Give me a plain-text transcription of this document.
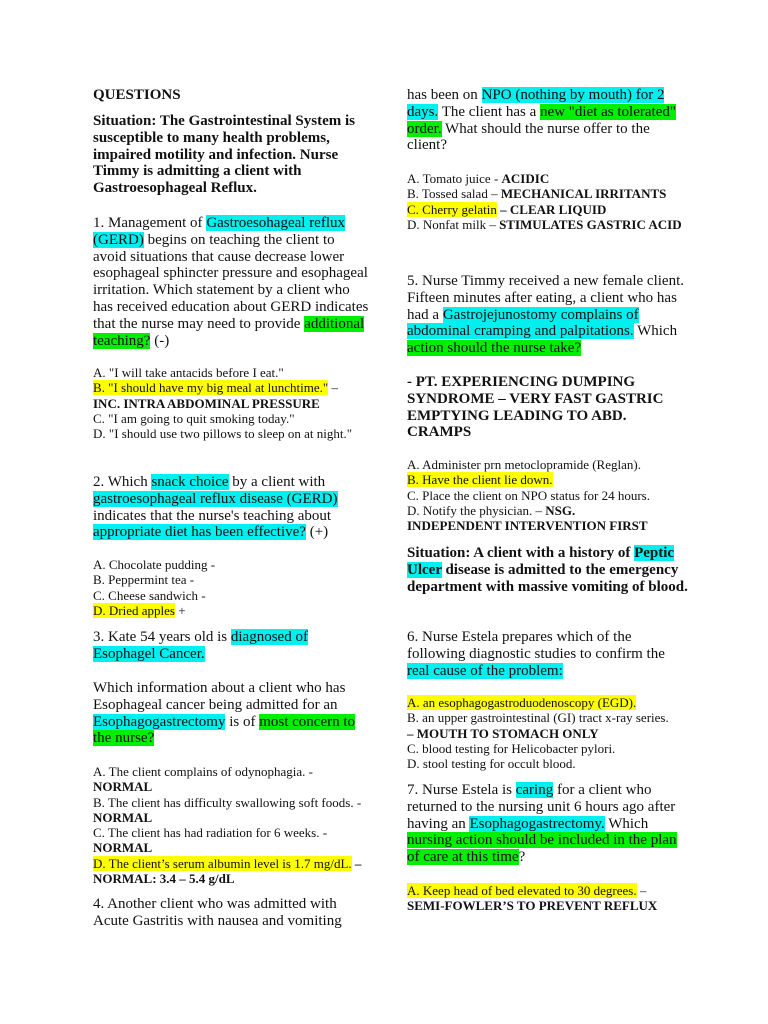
QUESTIONS
Situation: The Gastrointestinal System is susceptible to many health problems, impaired motility and infection. Nurse Timmy is admitting a client with Gastroesophageal Reflux.
1. Management of Gastroesohageal reflux (GERD) begins on teaching the client to avoid situations that cause decrease lower esophageal sphincter pressure and esophageal irritation. Which statement by a client who has received education about GERD indicates that the nurse may need to provide additional teaching? (-)
A. "I will take antacids before I eat."
B. "I should have my big meal at lunchtime." –
INC. INTRA ABDOMINAL PRESSURE
C. "I am going to quit smoking today."
D. "I should use two pillows to sleep on at night."
2. Which snack choice by a client with gastroesophageal reflux disease (GERD) indicates that the nurse's teaching about appropriate diet has been effective? (+)
A. Chocolate pudding -
B. Peppermint tea -
C. Cheese sandwich -
D. Dried apples +
3. Kate 54 years old is diagnosed of Esophagel Cancer.
Which information about a client who has Esophageal cancer being admitted for an Esophagogastrectomy is of most concern to the nurse?
A. The client complains of odynophagia. -
NORMAL
B. The client has difficulty swallowing soft foods. - NORMAL
C. The client has had radiation for 6 weeks. -
NORMAL
D. The client’s serum albumin level is 1.7 mg/dL. – NORMAL: 3.4 – 5.4 g/dL
4. Another client who was admitted with Acute Gastritis with nausea and vomiting
has been on NPO (nothing by mouth) for 2 days. The client has a new "diet as tolerated" order. What should the nurse offer to the client?
A. Tomato juice - ACIDIC
B. Tossed salad – MECHANICAL IRRITANTS
C. Cherry gelatin – CLEAR LIQUID
D. Nonfat milk – STIMULATES GASTRIC ACID
5. Nurse Timmy received a new female client. Fifteen minutes after eating, a client who has had a Gastrojejunostomy complains of abdominal cramping and palpitations. Which action should the nurse take?
- PT. EXPERIENCING DUMPING SYNDROME – VERY FAST GASTRIC EMPTYING LEADING TO ABD. CRAMPS
A. Administer prn metoclopramide (Reglan).
B. Have the client lie down.
C. Place the client on NPO status for 24 hours.
D. Notify the physician. – NSG.
INDEPENDENT INTERVENTION FIRST
Situation: A client with a history of Peptic Ulcer disease is admitted to the emergency department with massive vomiting of blood.
6. Nurse Estela prepares which of the following diagnostic studies to confirm the real cause of the problem:
A. an esophagogastroduodenoscopy (EGD).
B. an upper gastrointestinal (GI) tract x-ray series.
– MOUTH TO STOMACH ONLY
C. blood testing for Helicobacter pylori.
D. stool testing for occult blood.
7. Nurse Estela is caring for a client who returned to the nursing unit 6 hours ago after having an Esophagogastrectomy. Which nursing action should be included in the plan of care at this time?
A. Keep head of bed elevated to 30 degrees. –
SEMI-FOWLER’S TO PREVENT REFLUX
